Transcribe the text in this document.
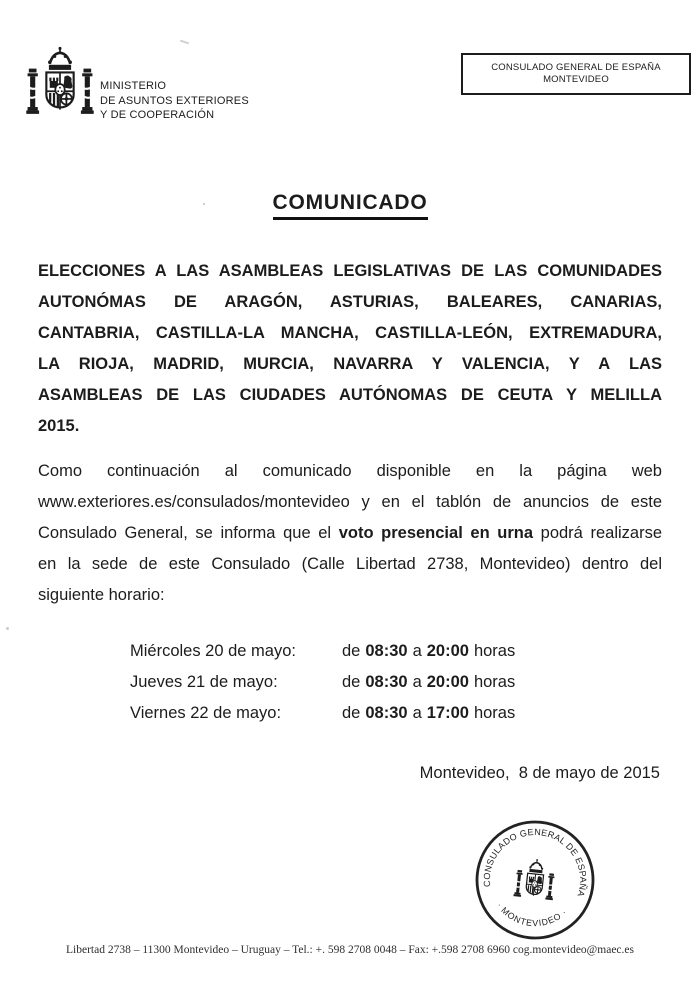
MINISTERIO
DE ASUNTOS EXTERIORES
Y DE COOPERACIÓN
CONSULADO GENERAL DE ESPAÑA
MONTEVIDEO
COMUNICADO
ELECCIONES A LAS ASAMBLEAS LEGISLATIVAS DE LAS COMUNIDADES
AUTONÓMAS DE ARAGÓN, ASTURIAS, BALEARES, CANARIAS,
CANTABRIA, CASTILLA-LA MANCHA, CASTILLA-LEÓN, EXTREMADURA,
LA RIOJA, MADRID, MURCIA, NAVARRA Y VALENCIA, Y A LAS
ASAMBLEAS DE LAS CIUDADES AUTÓNOMAS DE CEUTA Y MELILLA
2015.
Como continuación al comunicado disponible en la página web
www.exteriores.es/consulados/montevideo y en el tablón de anuncios de este
Consulado General, se informa que el voto presencial en urna podrá realizarse
en la sede de este Consulado (Calle Libertad 2738, Montevideo) dentro del
siguiente horario:
Miércoles 20 de mayo:	de 08:30 a 20:00 horas
Jueves 21 de mayo:	de 08:30 a 20:00 horas
Viernes 22 de mayo:	de 08:30 a 17:00 horas
Montevideo,  8 de mayo de 2015
CONSULADO GENERAL DE ESPAÑA
· MONTEVIDEO ·
Libertad 2738 – 11300 Montevideo – Uruguay – Tel.: +. 598 2708 0048 – Fax: +.598 2708 6960 cog.montevideo@maec.es
